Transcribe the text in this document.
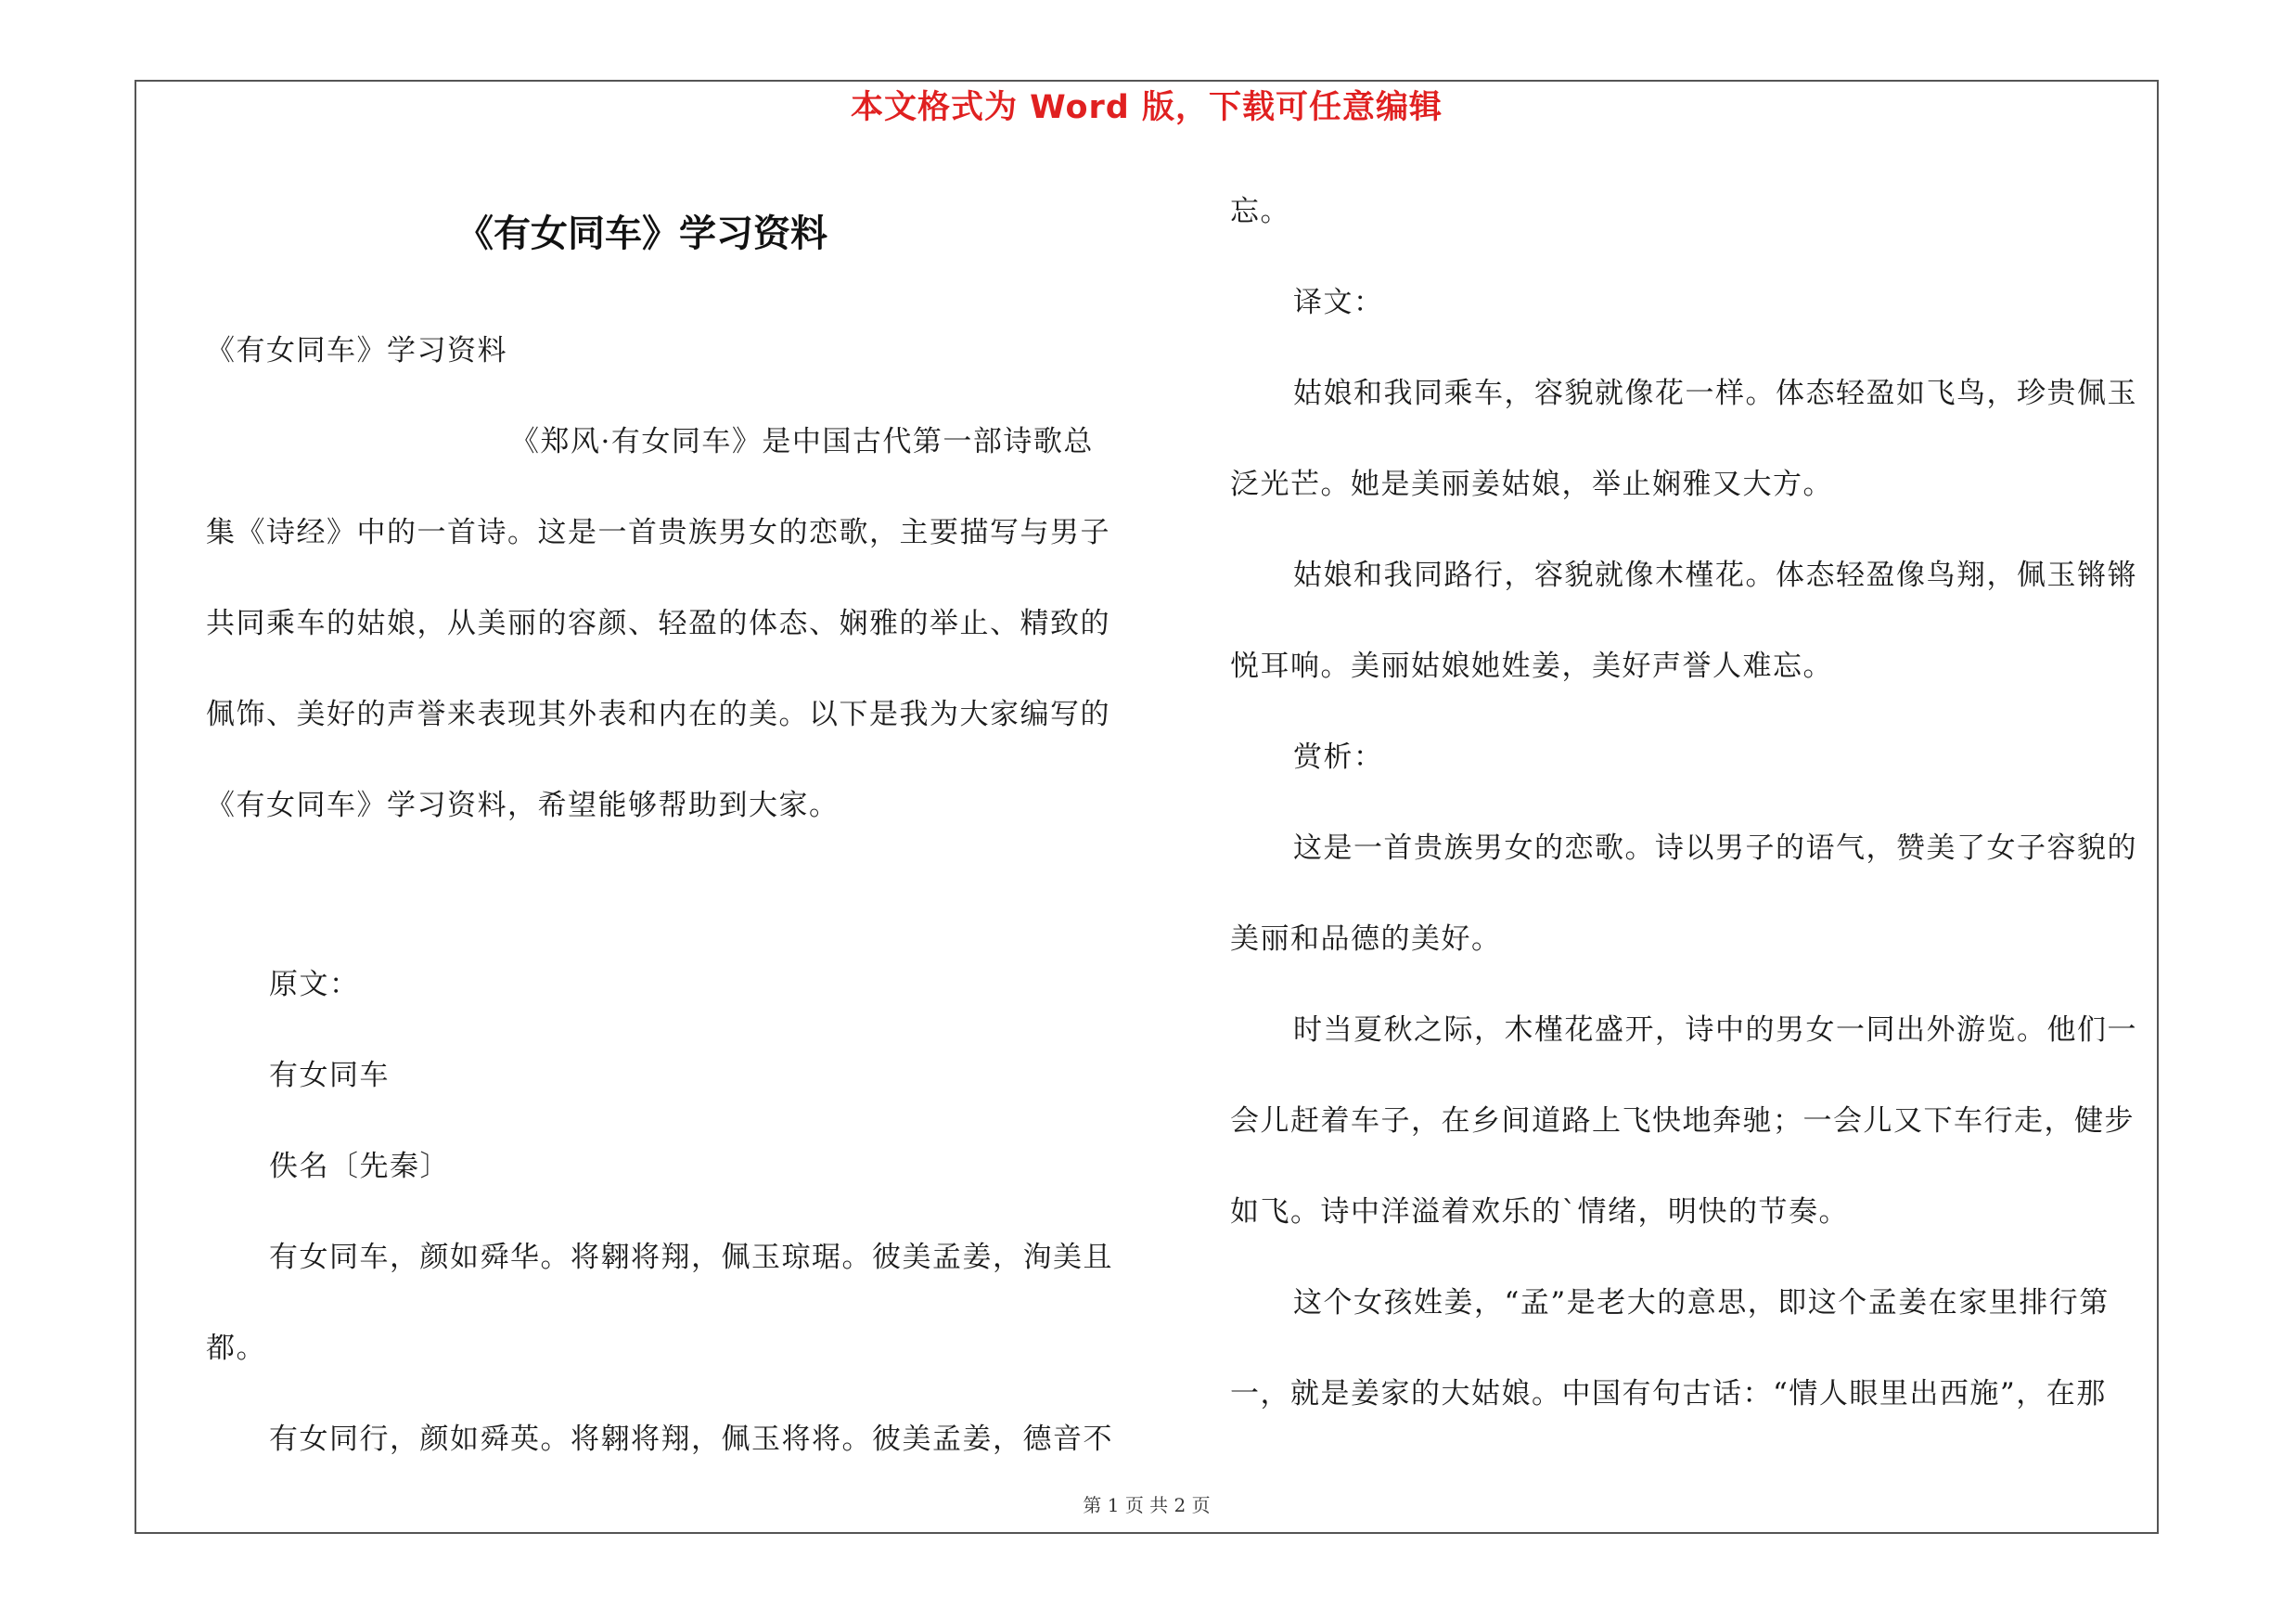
本文格式为 Word 版，下载可任意编辑
《有女同车》学习资料
《有女同车》学习资料
《郑风·有女同车》是中国古代第一部诗歌总
集《诗经》中的一首诗。这是一首贵族男女的恋歌，主要描写与男子
共同乘车的姑娘，从美丽的容颜、轻盈的体态、娴雅的举止、精致的
佩饰、美好的声誉来表现其外表和内在的美。以下是我为大家编写的
《有女同车》学习资料，希望能够帮助到大家。
原文：
有女同车
佚名〔先秦〕
有女同车，颜如舜华。将翱将翔，佩玉琼琚。彼美孟姜，洵美且
都。
有女同行，颜如舜英。将翱将翔，佩玉将将。彼美孟姜，德音不
忘。
译文：
姑娘和我同乘车，容貌就像花一样。体态轻盈如飞鸟，珍贵佩玉
泛光芒。她是美丽姜姑娘，举止娴雅又大方。
姑娘和我同路行，容貌就像木槿花。体态轻盈像鸟翔，佩玉锵锵
悦耳响。美丽姑娘她姓姜，美好声誉人难忘。
赏析：
这是一首贵族男女的恋歌。诗以男子的语气，赞美了女子容貌的
美丽和品德的美好。
时当夏秋之际，木槿花盛开，诗中的男女一同出外游览。他们一
会儿赶着车子，在乡间道路上飞快地奔驰；一会儿又下车行走，健步
如飞。诗中洋溢着欢乐的`情绪，明快的节奏。
这个女孩姓姜，“孟”是老大的意思，即这个孟姜在家里排行第
一，就是姜家的大姑娘。中国有句古话：“情人眼里出西施”，在那
第 1 页 共 2 页
